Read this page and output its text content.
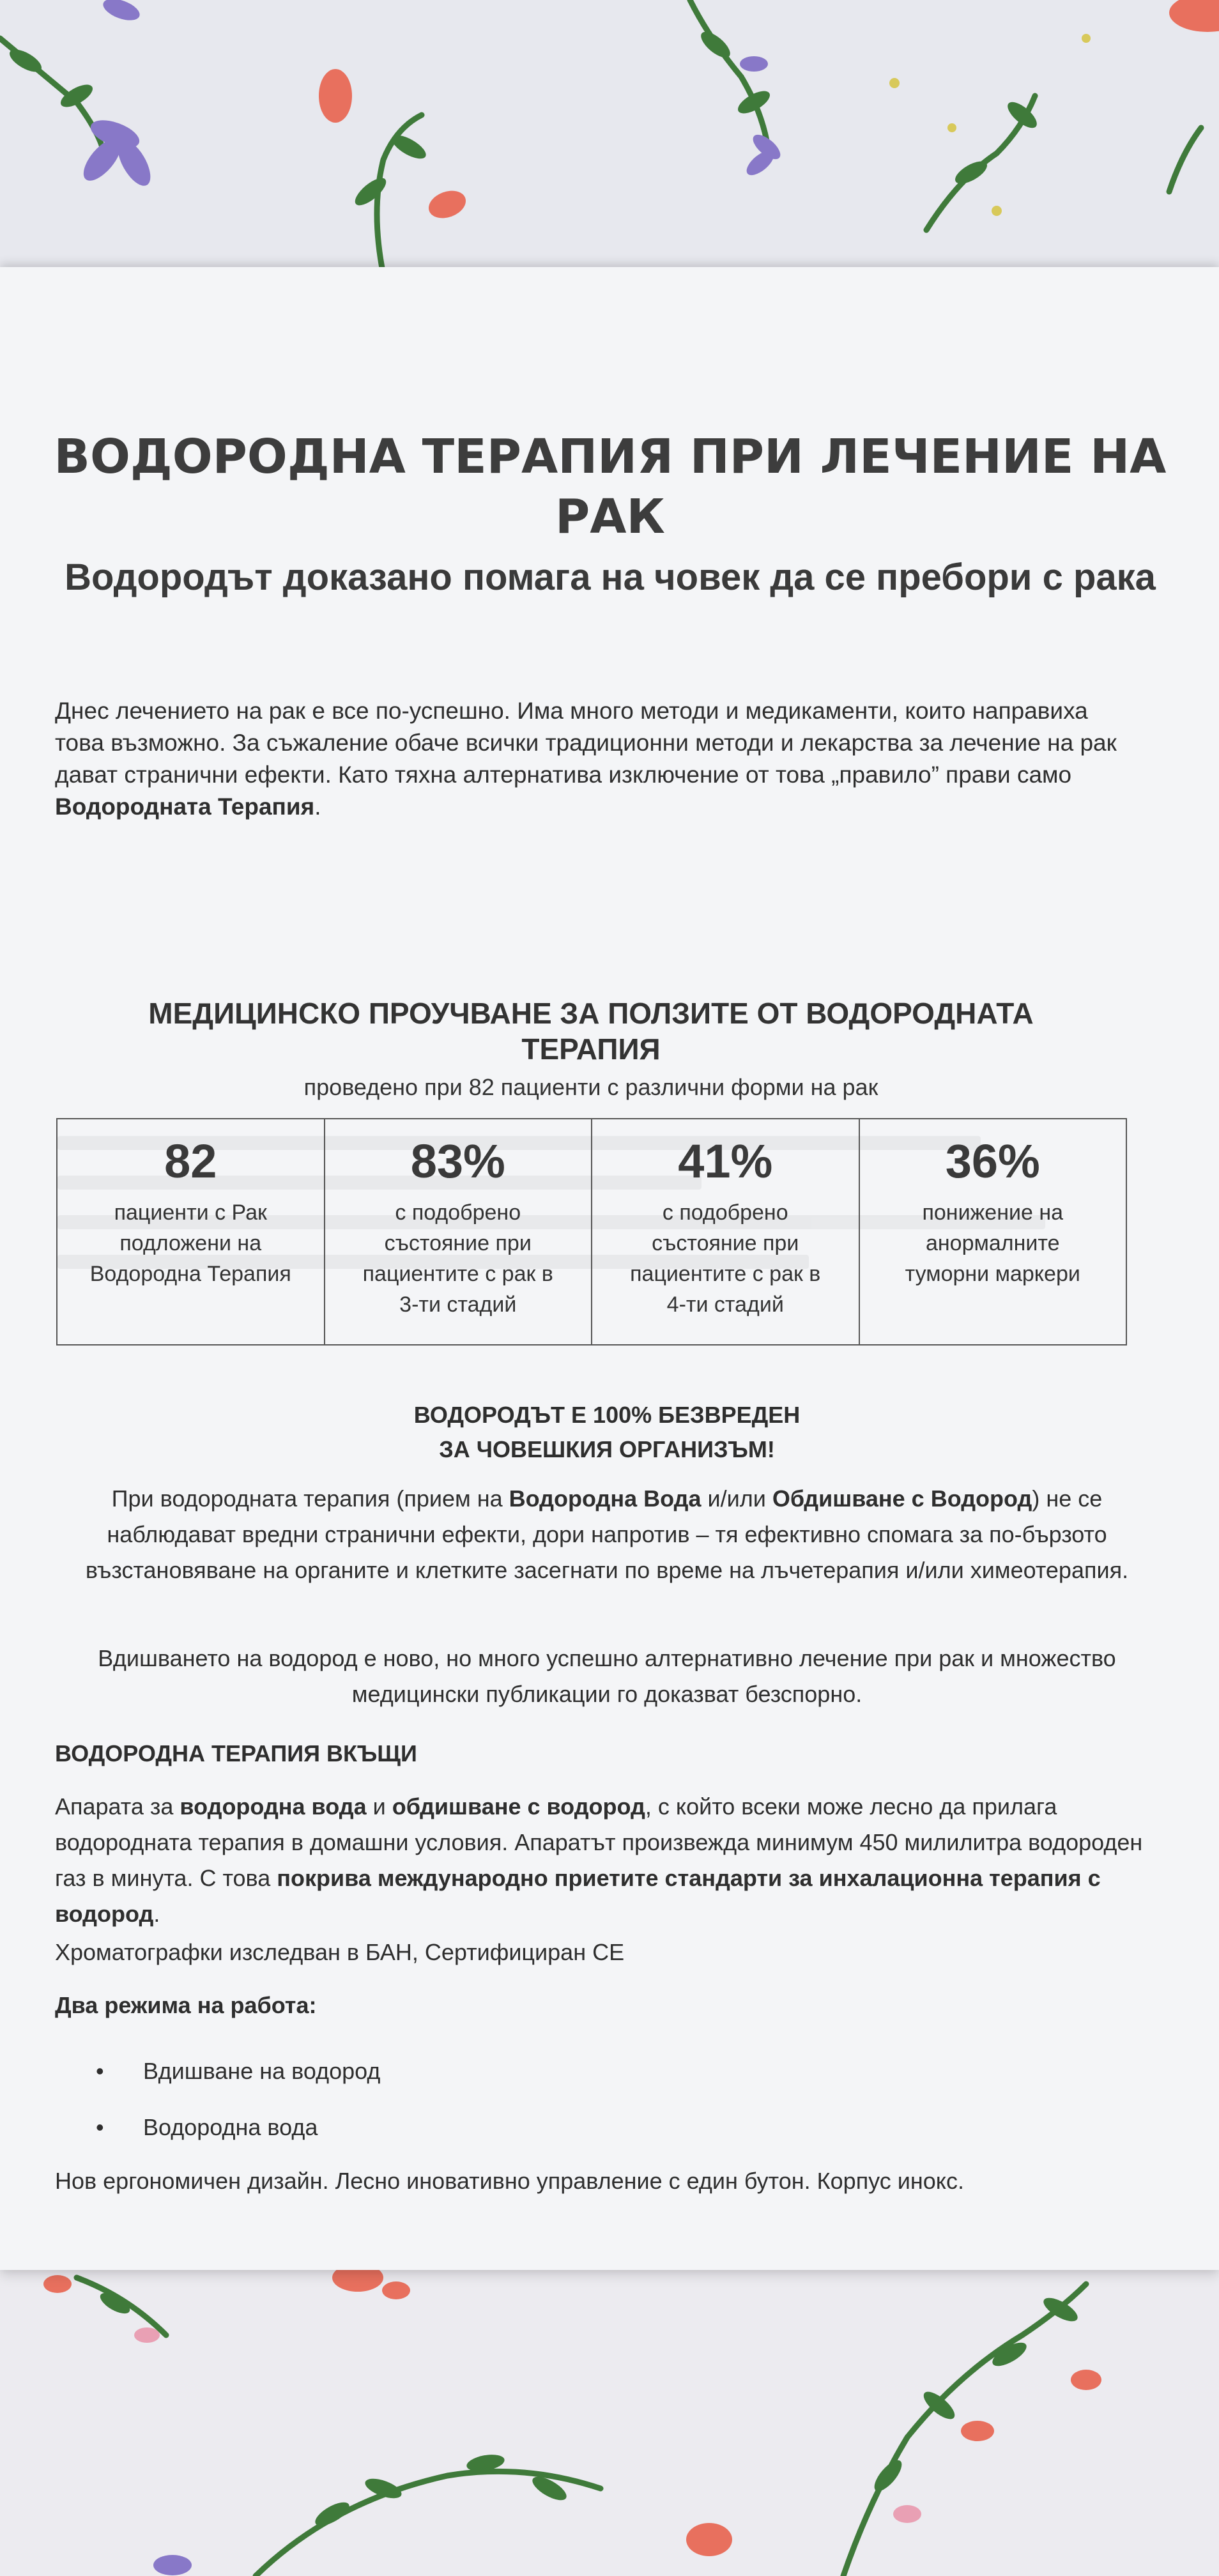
ВОДОРОДНА ТЕРАПИЯ ПРИ ЛЕЧЕНИЕ НА РАК
Водородът доказано помага на човек да се пребори с рака

Днес лечението на рак е все по-успешно. Има много методи и медикаменти, които направиха това възможно. За съжаление обаче всички традиционни методи и лекарства за лечение на рак дават странични ефекти. Като тяхна алтернатива изключение от това „правило” прави само Водородната Терапия.

МЕДИЦИНСКО ПРОУЧВАНЕ ЗА ПОЛЗИТЕ ОТ ВОДОРОДНАТА ТЕРАПИЯ

проведено при 82 пациенти с различни форми на рак

82
пациенти с Рак подложени на Водородна Терапия
83%
с подобрено състояние при пациентите с рак в 3-ти стадий
41%
с подобрено състояние при пациентите с рак в 4-ти стадий
36%
понижение на анормалните туморни маркери
ВОДОРОДЪТ Е 100% БЕЗВРЕДЕН
ЗА ЧОВЕШКИЯ ОРГАНИЗЪМ!

При водородната терапия (прием на Водородна Вода и/или Обдишване с Водород) не се наблюдават вредни странични ефекти, дори напротив – тя ефективно спомага за по-бързото възстановяване на органите и клетките засегнати по време на лъчетерапия и/или химеотерапия.

Вдишването на водород е ново, но много успешно алтернативно лечение при рак и множество медицински публикации го доказват безспорно.

ВОДОРОДНА ТЕРАПИЯ ВКЪЩИ

Апарата за водородна вода и обдишване с водород, с който всеки може лесно да прилага водородната терапия в домашни условия. Апаратът произвежда минимум 450 милилитра водороден газ в минута. С това покрива международно приетите стандарти за инхалационна терапия с водород.

Хроматографки изследван в БАН, Сертифициран CE

Два режима на работа:
• Вдишване на водород
• Водородна вода

Нов ергономичен дизайн. Лесно иновативно управление с един бутон. Корпус инокс.
